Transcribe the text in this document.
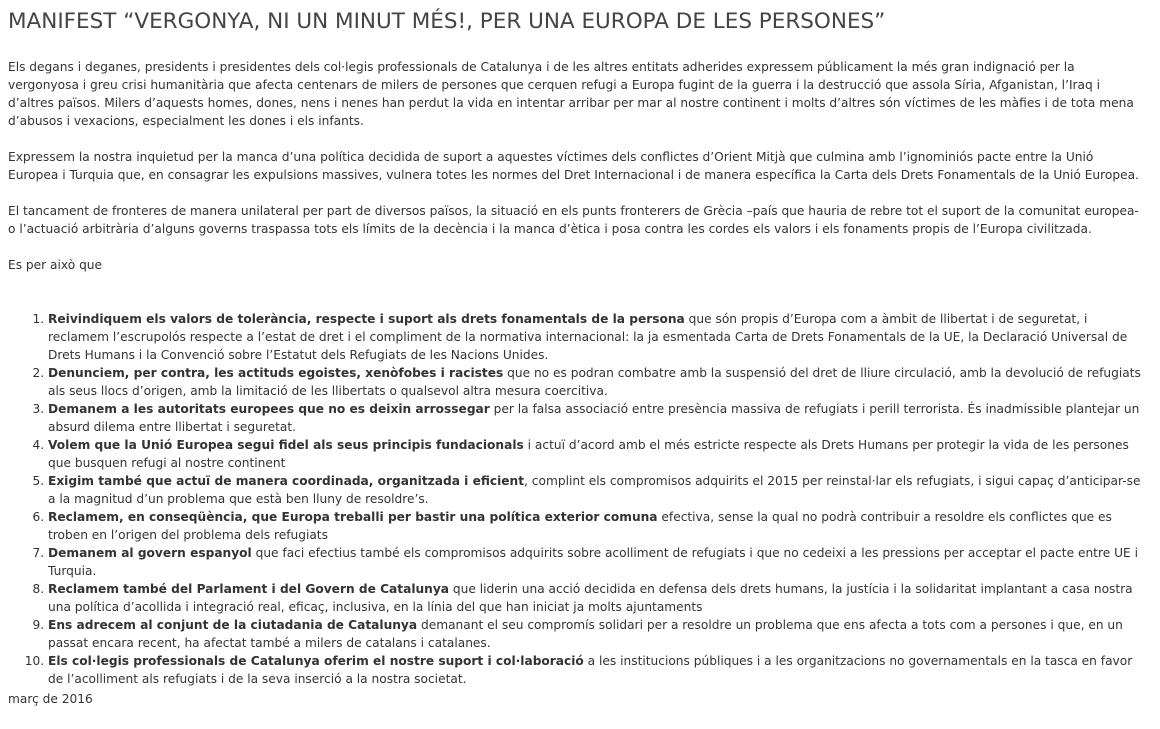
MANIFEST “VERGONYA, NI UN MINUT MÉS!, PER UNA EUROPA DE LES PERSONES”

Els degans i deganes, presidents i presidentes dels col·legis professionals de Catalunya i de les altres entitats adherides expressem públicament la més gran indignació per la vergonyosa i greu crisi humanitària que afecta centenars de milers de persones que cerquen refugi a Europa fugint de la guerra i la destrucció que assola Síria, Afganistan, l’Iraq i d’altres països. Milers d’aquests homes, dones, nens i nenes han perdut la vida en intentar arribar per mar al nostre continent i molts d’altres són víctimes de les màfies i de tota mena d’abusos i vexacions, especialment les dones i els infants.

Expressem la nostra inquietud per la manca d’una política decidida de suport a aquestes víctimes dels conflictes d’Orient Mitjà que culmina amb l’ignominiós pacte entre la Unió Europea i Turquia que, en consagrar les expulsions massives, vulnera totes les normes del Dret Internacional i de manera específica la Carta dels Drets Fonamentals de la Unió Europea.

El tancament de fronteres de manera unilateral per part de diversos països, la situació en els punts fronterers de Grècia –país que hauria de rebre tot el suport de la comunitat europea- o l’actuació arbitrària d’alguns governs traspassa tots els límits de la decència i la manca d’ètica i posa contra les cordes els valors i els fonaments propis de l’Europa civilitzada.

Es per això que

1. Reivindiquem els valors de tolerància, respecte i suport als drets fonamentals de la persona que són propis d’Europa com a àmbit de llibertat i de seguretat, i reclamem l’escrupolós respecte a l’estat de dret i el compliment de la normativa internacional: la ja esmentada Carta de Drets Fonamentals de la UE, la Declaració Universal de Drets Humans i la Convenció sobre l’Estatut dels Refugiats de les Nacions Unides.
2. Denunciem, per contra, les actituds egoistes, xenòfobes i racistes que no es podran combatre amb la suspensió del dret de lliure circulació, amb la devolució de refugiats als seus llocs d’origen, amb la limitació de les llibertats o qualsevol altra mesura coercitiva.
3. Demanem a les autoritats europees que no es deixin arrossegar per la falsa associació entre presència massiva de refugiats i perill terrorista. És inadmissible plantejar un absurd dilema entre llibertat i seguretat.
4. Volem que la Unió Europea segui fidel als seus principis fundacionals i actuï d’acord amb el més estricte respecte als Drets Humans per protegir la vida de les persones que busquen refugi al nostre continent
5. Exigim també que actuï de manera coordinada, organitzada i eficient, complint els compromisos adquirits el 2015 per reinstal·lar els refugiats, i sigui capaç d’anticipar-se a la magnitud d’un problema que està ben lluny de resoldre’s.
6. Reclamem, en conseqüència, que Europa treballi per bastir una política exterior comuna efectiva, sense la qual no podrà contribuir a resoldre els conflictes que es troben en l’origen del problema dels refugiats
7. Demanem al govern espanyol que faci efectius també els compromisos adquirits sobre acolliment de refugiats i que no cedeixi a les pressions per acceptar el pacte entre UE i Turquia.
8. Reclamem també del Parlament i del Govern de Catalunya que liderin una acció decidida en defensa dels drets humans, la justícia i la solidaritat implantant a casa nostra una política d’acollida i integració real, eficaç, inclusiva, en la línia del que han iniciat ja molts ajuntaments
9. Ens adrecem al conjunt de la ciutadania de Catalunya demanant el seu compromís solidari per a resoldre un problema que ens afecta a tots com a persones i que, en un passat encara recent, ha afectat també a milers de catalans i catalanes.
10. Els col·legis professionals de Catalunya oferim el nostre suport i col·laboració a les institucions públiques i a les organitzacions no governamentals en la tasca en favor de l’acolliment als refugiats i de la seva inserció a la nostra societat.

març de 2016
